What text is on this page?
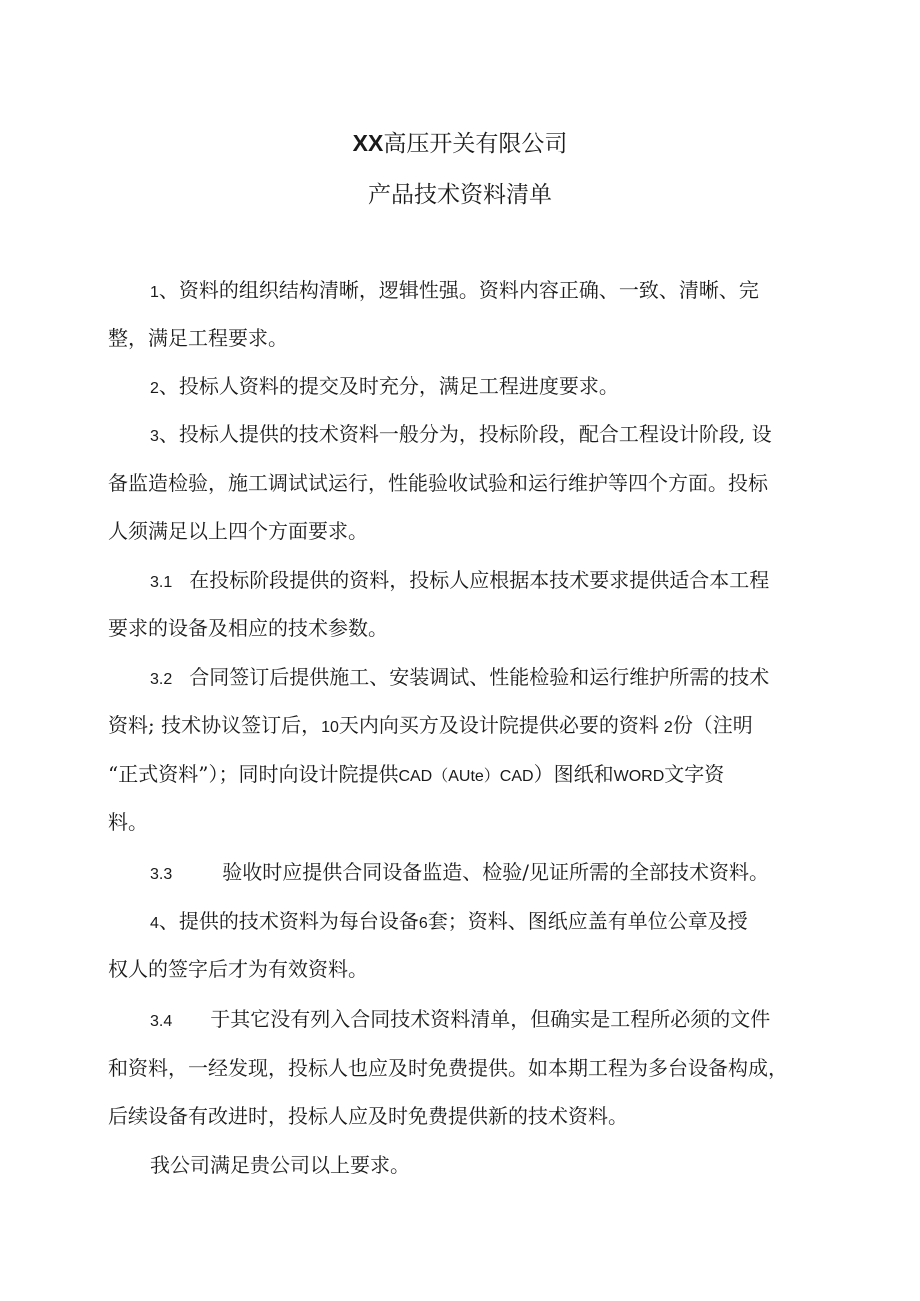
XX高压开关有限公司
产品技术资料清单
1、资料的组织结构清晰，逻辑性强。资料内容正确、一致、清晰、完
整，满足工程要求。
2、投标人资料的提交及时充分，满足工程进度要求。
3、投标人提供的技术资料一般分为，投标阶段，配合工程设计阶段, 设
备监造检验，施工调试试运行，性能验收试验和运行维护等四个方面。投标
人须满足以上四个方面要求。
3.1 在投标阶段提供的资料，投标人应根据本技术要求提供适合本工程
要求的设备及相应的技术参数。
3.2 合同签订后提供施工、安装调试、性能检验和运行维护所需的技术
资料; 技术协议签订后，10天内向买方及设计院提供必要的资料 2份（注明
“正式资料”）；同时向设计院提供CAD（AUte）CAD）图纸和WORD文字资
料。
3.3	验收时应提供合同设备监造、检验/见证所需的全部技术资料。
4、提供的技术资料为每台设备6套；资料、图纸应盖有单位公章及授
权人的签字后才为有效资料。
3.4 于其它没有列入合同技术资料清单，但确实是工程所必须的文件
和资料，一经发现，投标人也应及时免费提供。如本期工程为多台设备构成，
后续设备有改进时，投标人应及时免费提供新的技术资料。
我公司满足贵公司以上要求。
